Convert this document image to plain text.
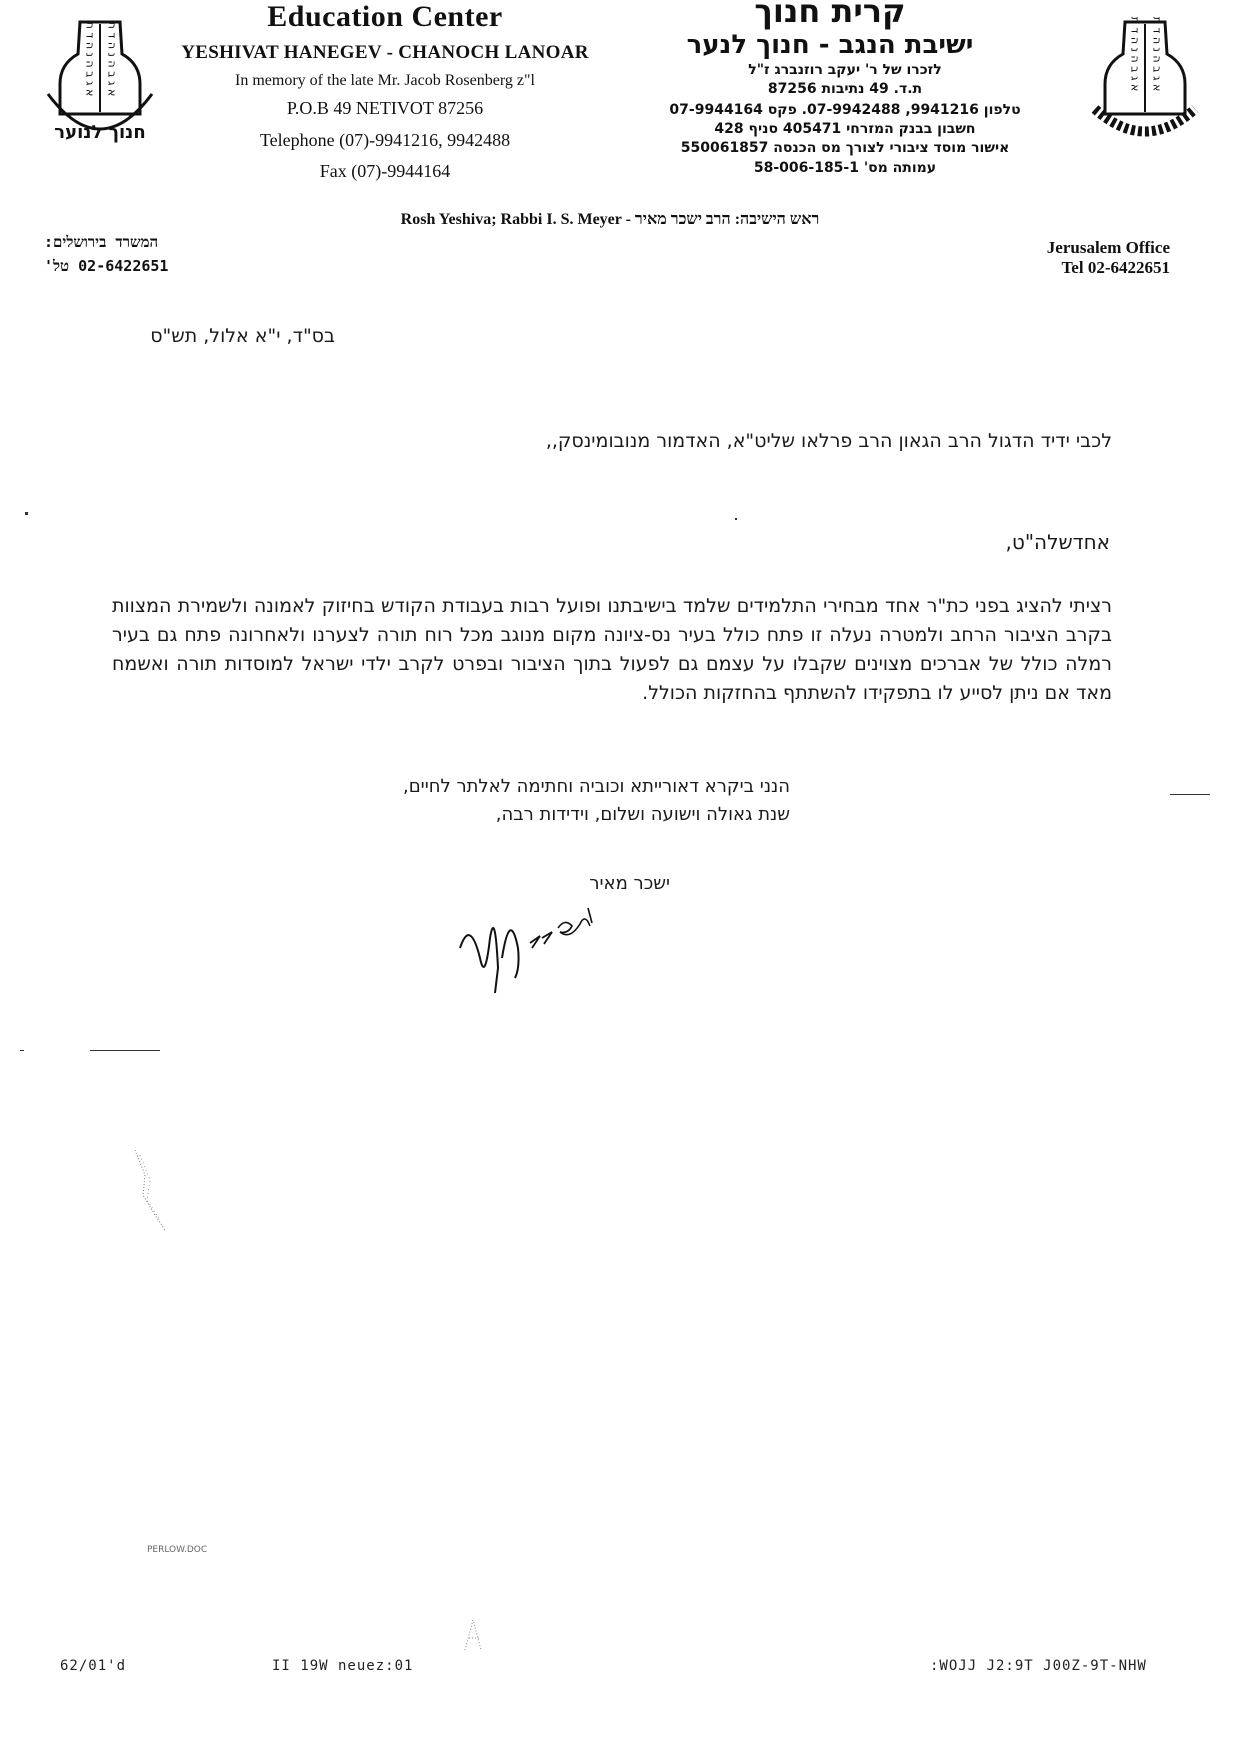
חנוך לנוער
א ג ב ה נ ה ד ת א ג ב ה נ ה ד ת	א ג ב ה נ ה ד ת א ג ב ה נ ה ד ת
Education Center
YESHIVAT HANEGEV - CHANOCH LANOAR
In memory of the late Mr. Jacob Rosenberg z"l
P.O.B 49 NETIVOT 87256
Telephone (07)-9941216, 9942488
Fax (07)-9944164
קרית חנוך
ישיבת הנגב - חנוך לנער
לזכרו של ר' יעקב רוזנברג ז"ל
ת.ד. 49 נתיבות 87256
טלפון 9941216, 07-9942488. פקס 07-9944164
חשבון בבנק המזרחי 405471 סניף 428
אישור מוסד ציבורי לצורך מס הכנסה 550061857
עמותה מס' 58-006-185-1
Rosh Yeshiva; Rabbi I. S. Meyer - ראש הישיבה: הרב ישכר מאיר
המשרד בירושלים:
02-6422651 טל'
Jerusalem Office
Tel 02-6422651
בס"ד, י"א אלול, תש"ס
לכבי ידיד הדגול הרב הגאון הרב פרלאו שליט"א, האדמור מנובומינסק,,
אחדשלה"ט,
רציתי להציג בפני כת"ר אחד מבחירי התלמידים שלמד בישיבתנו ופועל רבות בעבודת הקודש בחיזוק לאמונה ולשמירת המצוות בקרב הציבור הרחב ולמטרה נעלה זו פתח כולל בעיר נס-ציונה מקום מנוגב מכל רוח תורה לצערנו ולאחרונה פתח גם בעיר רמלה כולל של אברכים מצוינים שקבלו על עצמם גם לפעול בתוך הציבור ובפרט לקרב ילדי ישראל למוסדות תורה ואשמח מאד אם ניתן לסייע לו בתפקידו להשתתף בהחזקות הכולל.
הנני ביקרא דאורייתא וכוביה וחתימה לאלתר לחיים,
שנת גאולה וישועה ושלום, וידידות רבה,
ישכר מאיר
PERLOW.DOC
62/01'd	II 19W neuez:01	:WOJJ J2:9T J00Z-9T-NHW
